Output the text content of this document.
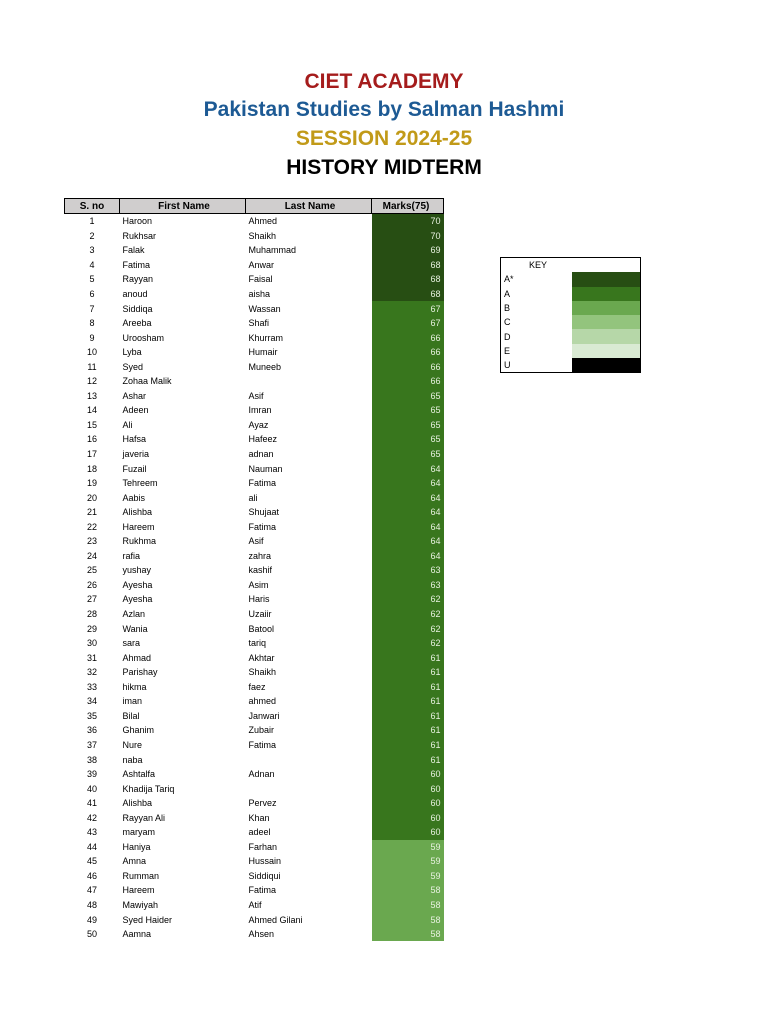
CIET ACADEMY
Pakistan Studies by Salman Hashmi
SESSION 2024-25
HISTORY MIDTERM
S. no	First Name	Last Name	Marks(75)
1	Haroon	Ahmed	70
2	Rukhsar	Shaikh	70
3	Falak	Muhammad	69
4	Fatima	Anwar	68
5	Rayyan	Faisal	68
6	anoud	aisha	68
7	Siddiqa	Wassan	67
8	Areeba	Shafi	67
9	Uroosham	Khurram	66
10	Lyba	Humair	66
11	Syed	Muneeb	66
12	Zohaa Malik		66
13	Ashar	Asif	65
14	Adeen	Imran	65
15	Ali	Ayaz	65
16	Hafsa	Hafeez	65
17	javeria	adnan	65
18	Fuzail	Nauman	64
19	Tehreem	Fatima	64
20	Aabis	ali	64
21	Alishba	Shujaat	64
22	Hareem	Fatima	64
23	Rukhma	Asif	64
24	rafia	zahra	64
25	yushay	kashif	63
26	Ayesha	Asim	63
27	Ayesha	Haris	62
28	Azlan	Uzaiir	62
29	Wania	Batool	62
30	sara	tariq	62
31	Ahmad	Akhtar	61
32	Parishay	Shaikh	61
33	hikma	faez	61
34	iman	ahmed	61
35	Bilal	Janwari	61
36	Ghanim	Zubair	61
37	Nure	Fatima	61
38	naba		61
39	Ashtalfa	Adnan	60
40	Khadija Tariq		60
41	Alishba	Pervez	60
42	Rayyan Ali	Khan	60
43	maryam	adeel	60
44	Haniya	Farhan	59
45	Amna	Hussain	59
46	Rumman	Siddiqui	59
47	Hareem	Fatima	58
48	Mawiyah	Atif	58
49	Syed Haider	Ahmed Gilani	58
50	Aamna	Ahsen	58
KEY	
A*	
A	
B	
C	
D	
E	
U	
